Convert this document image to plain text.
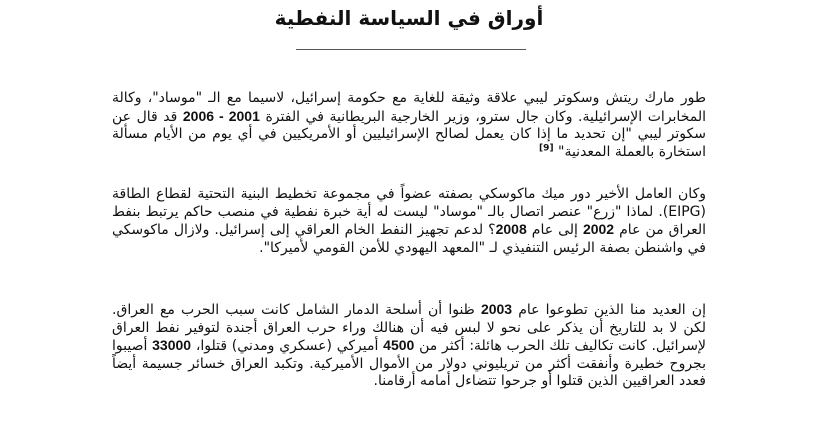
أوراق في السياسة النفطية

طور مارك ريتش وسكوتر ليبي علاقة وثيقة للغاية مع حكومة إسرائيل، لاسيما مع الـ "موساد"، وكالة المخابرات الإسرائيلية. وكان جال سترو، وزير الخارجية البريطانية في الفترة 2001 - 2006 قد قال عن سكوتر ليبي "إن تحديد ما إذا كان يعمل لصالح الإسرائيليين أو الأمريكيين في أي يوم من الأيام مسألة استخارة بالعملة المعدنية" [9]

وكان العامل الأخير دور ميك ماكوسكي بصفته عضواً في مجموعة تخطيط البنية التحتية لقطاع الطاقة (EIPG). لماذا "زرع" عنصر اتصال بالـ "موساد" ليست له أية خبرة نفطية في منصب حاكم يرتبط بنفط العراق من عام 2002 إلى عام 2008؟ لدعم تجهيز النفط الخام العراقي إلى إسرائيل. ولازال ماكوسكي في واشنطن بصفة الرئيس التنفيذي لـ "المعهد اليهودي للأمن القومي لأميركا".

إن العديد منا الذين تطوعوا عام 2003 ظنوا أن أسلحة الدمار الشامل كانت سبب الحرب مع العراق. لكن لا بد للتاريخ أن يذكر على نحو لا لبس فيه أن هنالك وراء حرب العراق أجندة لتوفير نفط العراق لإسرائيل. كانت تكاليف تلك الحرب هائلة: أكثر من 4500 أميركي (عسكري ومدني) قتلوا، 33000 أصيبوا بجروح خطيرة وأنفقت أكثر من تريليوني دولار من الأموال الأميركية. وتكبد العراق خسائر جسيمة أيضاً فعدد العراقيين الذين قتلوا أو جرحوا تتضاءل أمامه أرقامنا.
